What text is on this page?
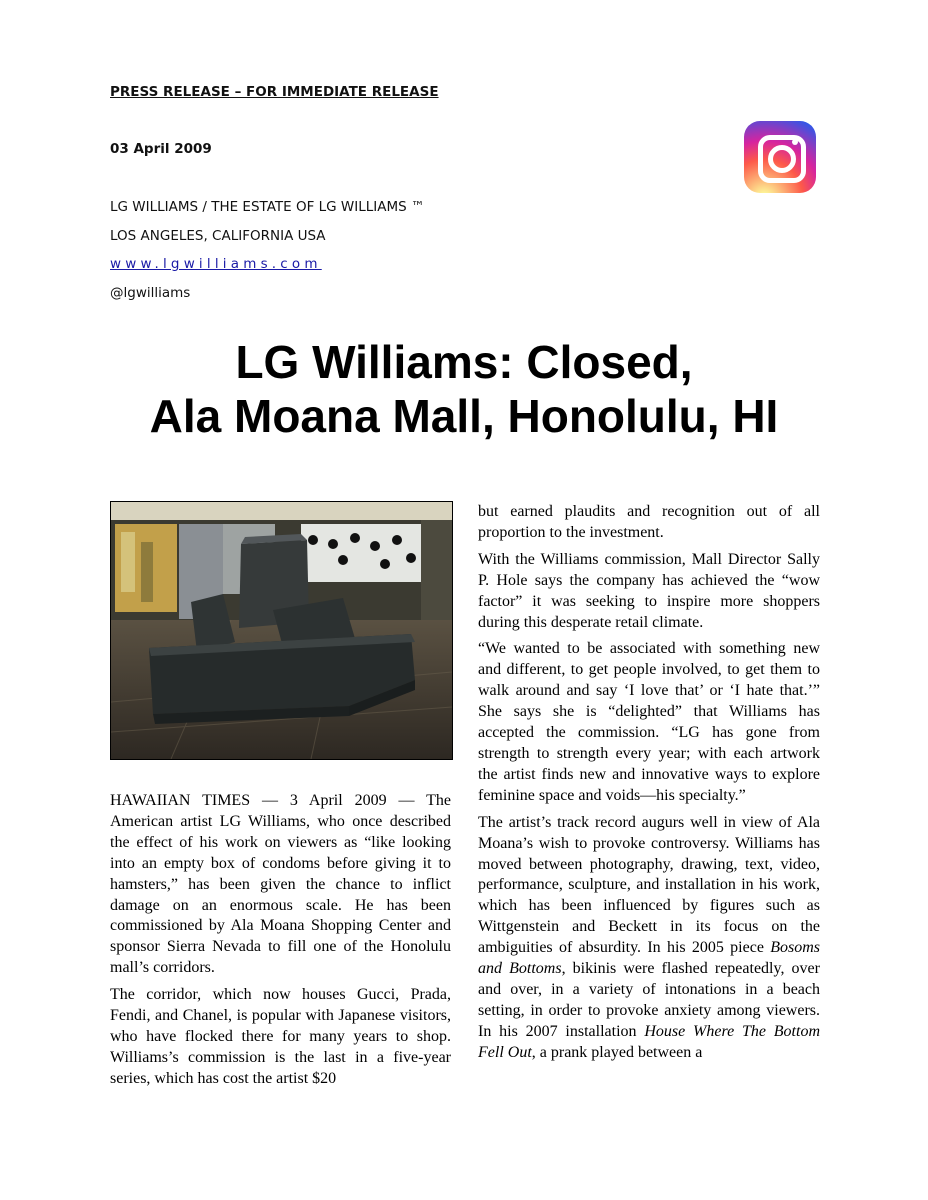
PRESS RELEASE – FOR IMMEDIATE RELEASE
03 April 2009
LG WILLIAMS / THE ESTATE OF LG WILLIAMS ™
LOS ANGELES, CALIFORNIA USA
www.lgwilliams.com
@lgwilliams
LG Williams: Closed,
Ala Moana Mall, Honolulu, HI

HAWAIIAN TIMES — 3 April 2009 — The American artist LG Williams, who once described the effect of his work on viewers as “like looking into an empty box of condoms before giving it to hamsters,” has been given the chance to inflict damage on an enormous scale. He has been commissioned by Ala Moana Shopping Center and sponsor Sierra Nevada to fill one of the Honolulu mall’s corridors.

The corridor, which now houses Gucci, Prada, Fendi, and Chanel, is popular with Japanese visitors, who have flocked there for many years to shop. Williams’s commission is the last in a five-year series, which has cost the artist $20

but earned plaudits and recognition out of all proportion to the investment.

With the Williams commission, Mall Director Sally P. Hole says the company has achieved the “wow factor” it was seeking to inspire more shoppers during this desperate retail climate.

“We wanted to be associated with something new and different, to get people involved, to get them to walk around and say ‘I love that’ or ‘I hate that.’” She says she is “delighted” that Williams has accepted the commission. “LG has gone from strength to strength every year; with each artwork the artist finds new and innovative ways to explore feminine space and voids—his specialty.”

The artist’s track record augurs well in view of Ala Moana’s wish to provoke controversy. Williams has moved between photography, drawing, text, video, performance, sculpture, and installation in his work, which has been influenced by figures such as Wittgenstein and Beckett in its focus on the ambiguities of absurdity. In his 2005 piece Bosoms and Bottoms, bikinis were flashed repeatedly, over and over, in a variety of intonations in a beach setting, in order to provoke anxiety among viewers. In his 2007 installation House Where The Bottom Fell Out, a prank played between a
